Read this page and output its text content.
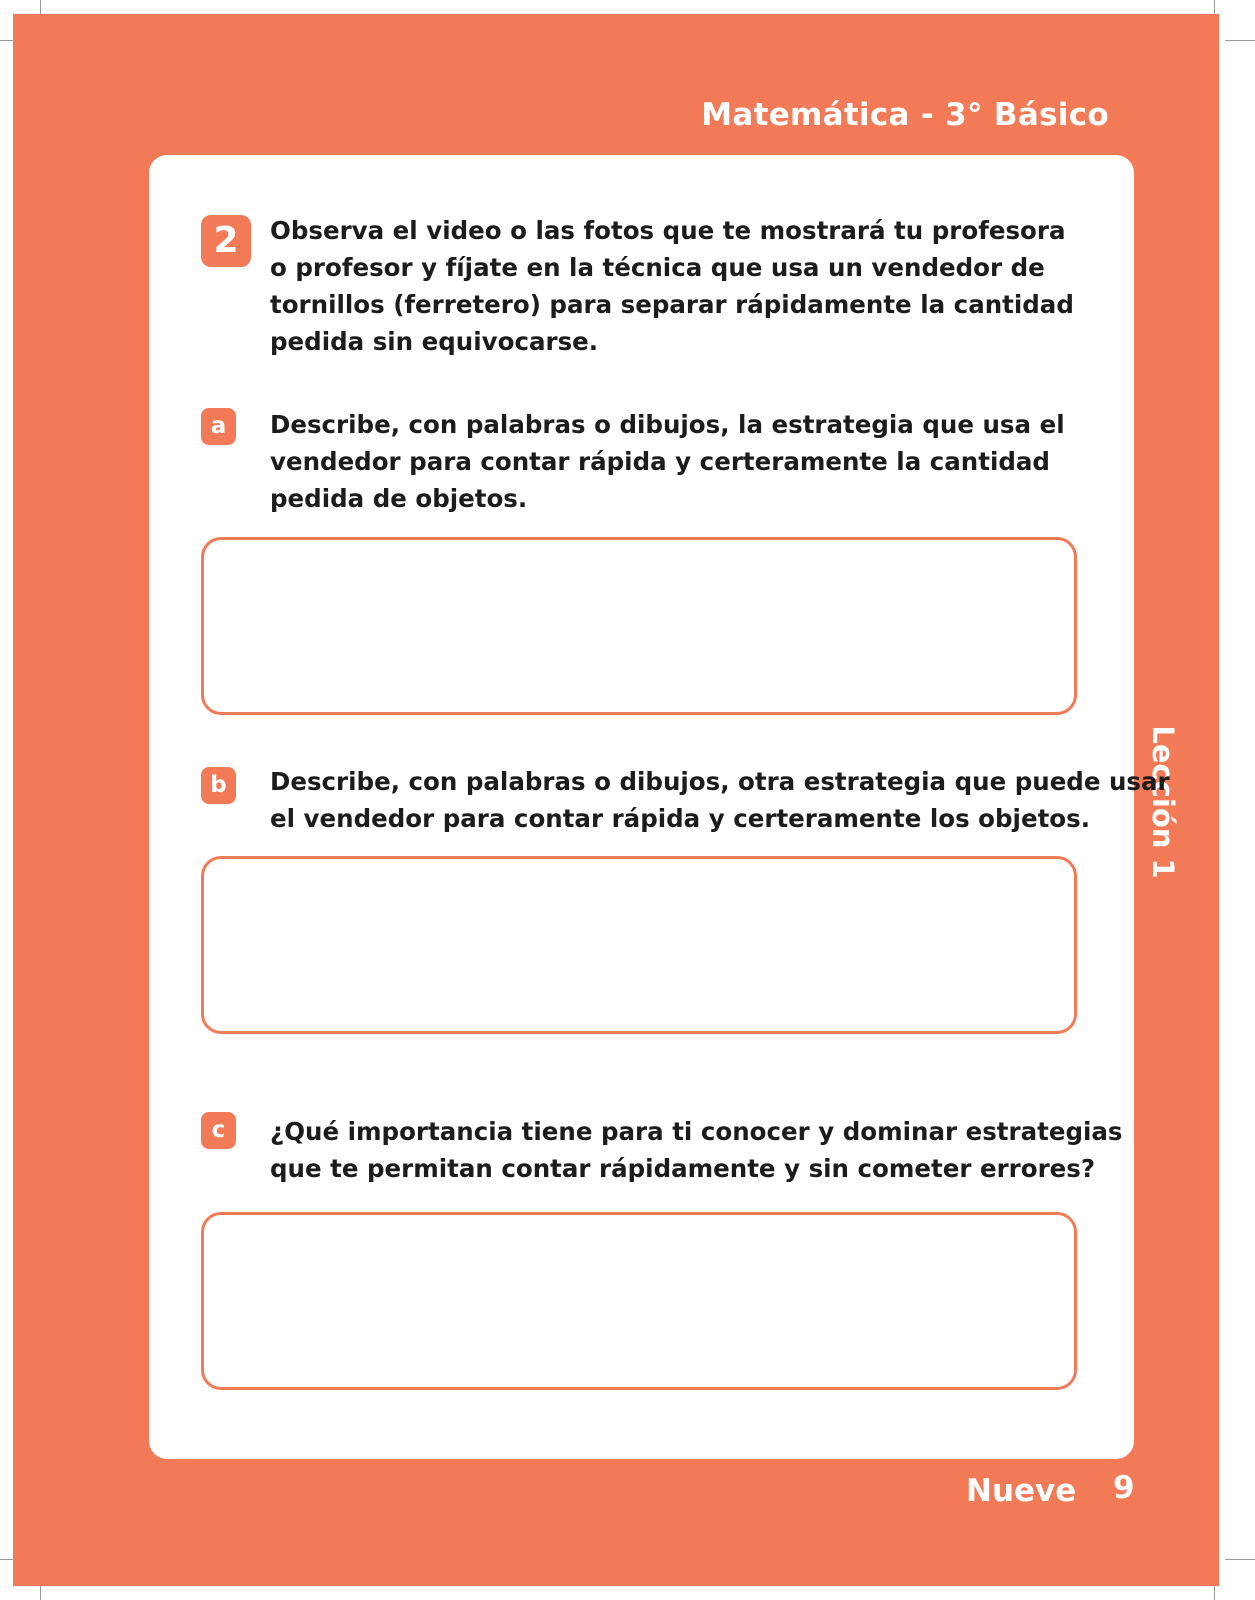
Matemática - 3° Básico
Lección 1
2	Observa el video o las fotos que te mostrará tu profesora
o profesor y fíjate en la técnica que usa un vendedor de
tornillos (ferretero) para separar rápidamente la cantidad
pedida sin equivocarse.
a	Describe, con palabras o dibujos, la estrategia que usa el
vendedor para contar rápida y certeramente la cantidad
pedida de objetos.
b	Describe, con palabras o dibujos, otra estrategia que puede usar
el vendedor para contar rápida y certeramente los objetos.
c	¿Qué importancia tiene para ti conocer y dominar estrategias
que te permitan contar rápidamente y sin cometer errores?
Nueve 9
